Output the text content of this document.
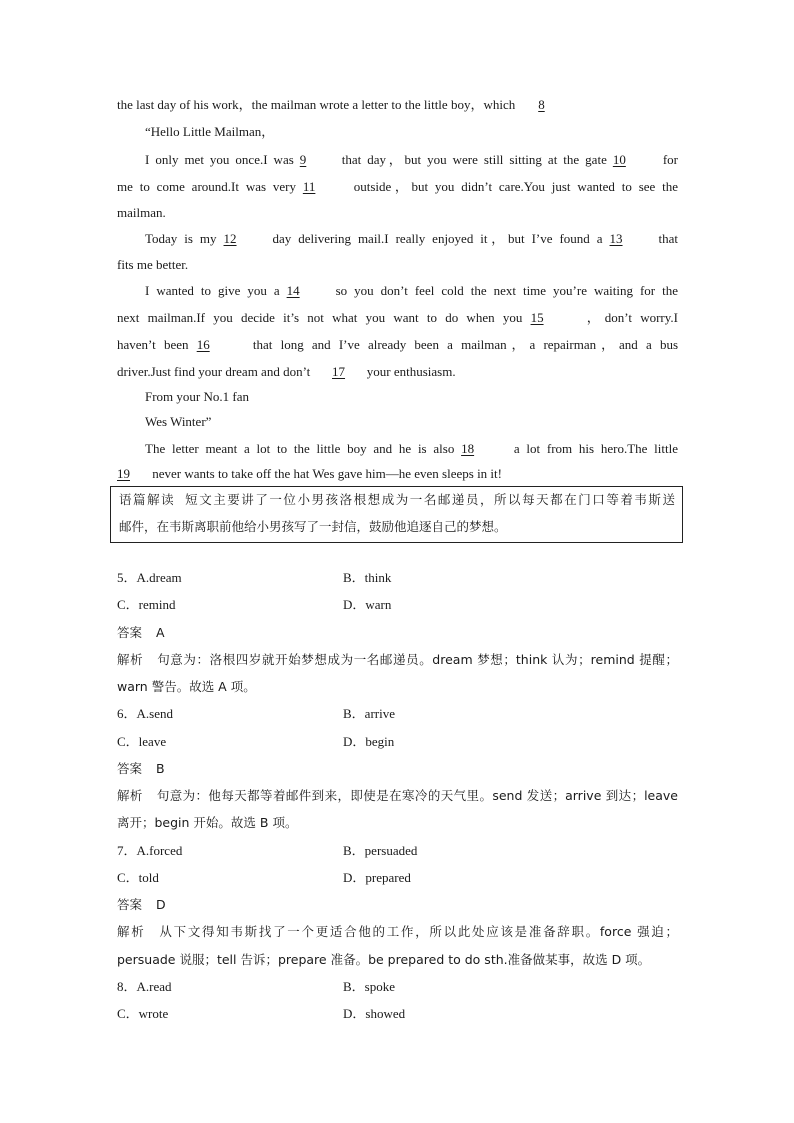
the last day of his work，the mailman wrote a letter to the little boy，which 8
“Hello Little Mailman，
I only met you once.I was 9	that day，but you were still sitting at the gate 10	for
me to come around.It was very 11	outside，but you didn’t care.You just wanted to see the
mailman.
Today is my 12	day delivering mail.I really enjoyed it，but I’ve found a 13	that
fits me better.
I wanted to give you a 14	so you don’t feel cold the next time you’re waiting for the
next mailman.If you decide it’s not what you want to do when you 15	，don’t worry.I
haven’t been 16	that long and I’ve already been a mailman，a repairman，and a bus
driver.Just find your dream and don’t 17 your enthusiasm.
From your No.1 fan
Wes Winter”
The letter meant a lot to the little boy and he is also 18	a lot from his hero.The little
19 never wants to take off the hat Wes gave him—he even sleeps in it!
语篇解读 短文主要讲了一位小男孩洛根想成为一名邮递员，所以每天都在门口等着韦斯送
邮件，在韦斯离职前他给小男孩写了一封信，鼓励他追逐自己的梦想。
5．A.dream	B．think
C．remind	D．warn
答案 A
解析 句意为：洛根四岁就开始梦想成为一名邮递员。dream 梦想；think 认为；remind 提醒；
warn 警告。故选 A 项。
6．A.send	B．arrive
C．leave	D．begin
答案 B
解析 句意为：他每天都等着邮件到来，即使是在寒冷的天气里。send 发送；arrive 到达；leave
离开；begin 开始。故选 B 项。
7．A.forced	B．persuaded
C．told	D．prepared
答案 D
解析 从下文得知韦斯找了一个更适合他的工作，所以此处应该是准备辞职。force 强迫；
persuade 说服；tell 告诉；prepare 准备。be prepared to do sth.准备做某事，故选 D 项。
8．A.read	B．spoke
C．wrote	D．showed
